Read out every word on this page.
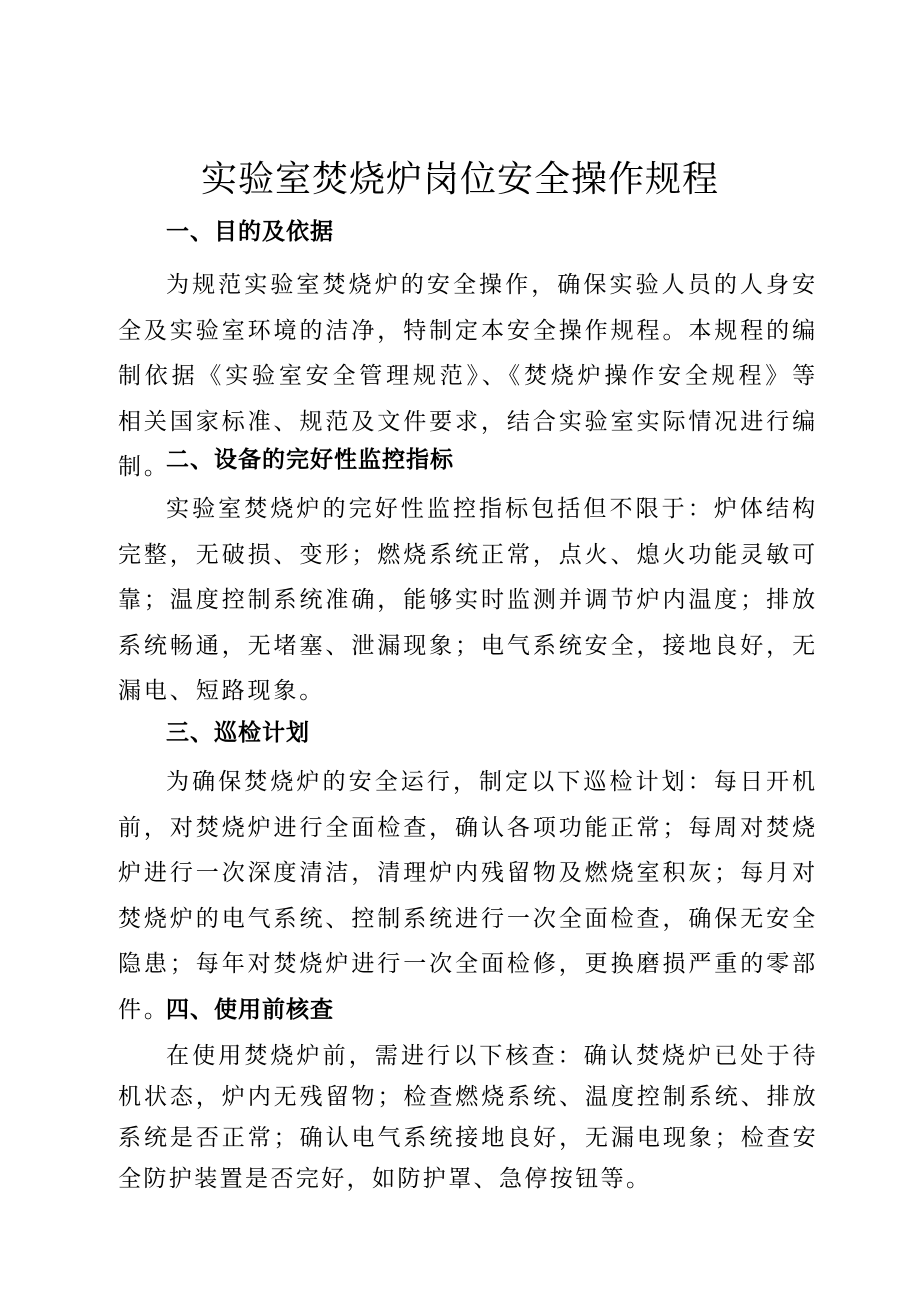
实验室焚烧炉岗位安全操作规程
一、目的及依据

为规范实验室焚烧炉的安全操作，确保实验人员的人身安全及实验室环境的洁净，特制定本安全操作规程。本规程的编制依据《实验室安全管理规范》、《焚烧炉操作安全规程》等相关国家标准、规范及文件要求，结合实验室实际情况进行编制。

二、设备的完好性监控指标

实验室焚烧炉的完好性监控指标包括但不限于：炉体结构完整，无破损、变形；燃烧系统正常，点火、熄火功能灵敏可靠；温度控制系统准确，能够实时监测并调节炉内温度；排放系统畅通，无堵塞、泄漏现象；电气系统安全，接地良好，无漏电、短路现象。

三、巡检计划

为确保焚烧炉的安全运行，制定以下巡检计划：每日开机前，对焚烧炉进行全面检查，确认各项功能正常；每周对焚烧炉进行一次深度清洁，清理炉内残留物及燃烧室积灰；每月对焚烧炉的电气系统、控制系统进行一次全面检查，确保无安全隐患；每年对焚烧炉进行一次全面检修，更换磨损严重的零部件。

四、使用前核查

在使用焚烧炉前，需进行以下核查：确认焚烧炉已处于待机状态，炉内无残留物；检查燃烧系统、温度控制系统、排放系统是否正常；确认电气系统接地良好，无漏电现象；检查安全防护装置是否完好，如防护罩、急停按钮等。
